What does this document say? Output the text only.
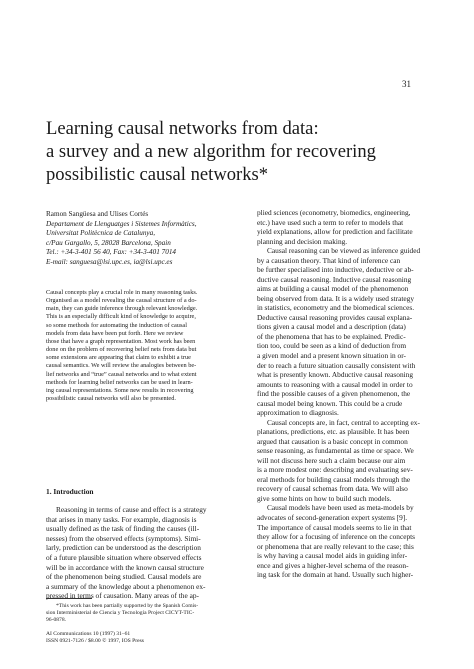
31
Learning causal networks from data:
a survey and a new algorithm for recovering
possibilistic causal networks*
Ramon Sangüesa and Ulises Cortés
Departament de Llenguatges i Sistemes Informàtics,
Universitat Politècnica de Catalunya,
c/Pau Gargallo, 5, 28028 Barcelona, Spain
Tel.: +34-3-401 56 40, Fax: +34-3-401 7014
E-mail: sanguesa@lsi.upc.es, ia@lsi.upc.es
Causal concepts play a crucial role in many reasoning tasks.
Organised as a model revealing the causal structure of a do-
main, they can guide inference through relevant knowledge.
This is an especially difficult kind of knowledge to acquire,
so some methods for automating the induction of causal
models from data have been put forth. Here we review
those that have a graph representation. Most work has been
done on the problem of recovering belief nets from data but
some extensions are appearing that claim to exhibit a true
causal semantics. We will review the analogies between be-
lief networks and “true” causal networks and to what extent
methods for learning belief networks can be used in learn-
ing causal representations. Some new results in recovering
possibilistic causal networks will also be presented.
1. Introduction
Reasoning in terms of cause and effect is a strategy
that arises in many tasks. For example, diagnosis is
usually defined as the task of finding the causes (ill-
nesses) from the observed effects (symptoms). Simi-
larly, prediction can be understood as the description
of a future plausible situation where observed effects
will be in accordance with the known causal structure
of the phenomenon being studied. Causal models are
a summary of the knowledge about a phenomenon ex-
pressed in terms of causation. Many areas of the ap-
*This work has been partially supported by the Spanish Comis-
sion Interministerial de Ciencia y Tecnología Project CICYT-TIC-
96-0878.
AI Communications 10 (1997) 31–61
ISSN 0921-7126 / $8.00 © 1997, IOS Press
plied sciences (econometry, biomedics, engineering,
etc.) have used such a term to refer to models that
yield explanations, allow for prediction and facilitate
planning and decision making.
Causal reasoning can be viewed as inference guided
by a causation theory. That kind of inference can
be further specialised into inductive, deductive or ab-
ductive causal reasoning. Inductive causal reasoning
aims at building a causal model of the phenomenon
being observed from data. It is a widely used strategy
in statistics, econometry and the biomedical sciences.
Deductive causal reasoning provides causal explana-
tions given a causal model and a description (data)
of the phenomena that has to be explained. Predic-
tion too, could be seen as a kind of deduction from
a given model and a present known situation in or-
der to reach a future situation causally consistent with
what is presently known. Abductive causal reasoning
amounts to reasoning with a causal model in order to
find the possible causes of a given phenomenon, the
causal model being known. This could be a crude
approximation to diagnosis.
Causal concepts are, in fact, central to accepting ex-
planations, predictions, etc. as plausible. It has been
argued that causation is a basic concept in common
sense reasoning, as fundamental as time or space. We
will not discuss here such a claim because our aim
is a more modest one: describing and evaluating sev-
eral methods for building causal models through the
recovery of causal schemas from data. We will also
give some hints on how to build such models.
Causal models have been used as meta-models by
advocates of second-generation expert systems [9].
The importance of causal models seems to lie in that
they allow for a focusing of inference on the concepts
or phenomena that are really relevant to the case; this
is why having a causal model aids in guiding infer-
ence and gives a higher-level schema of the reason-
ing task for the domain at hand. Usually such higher-
